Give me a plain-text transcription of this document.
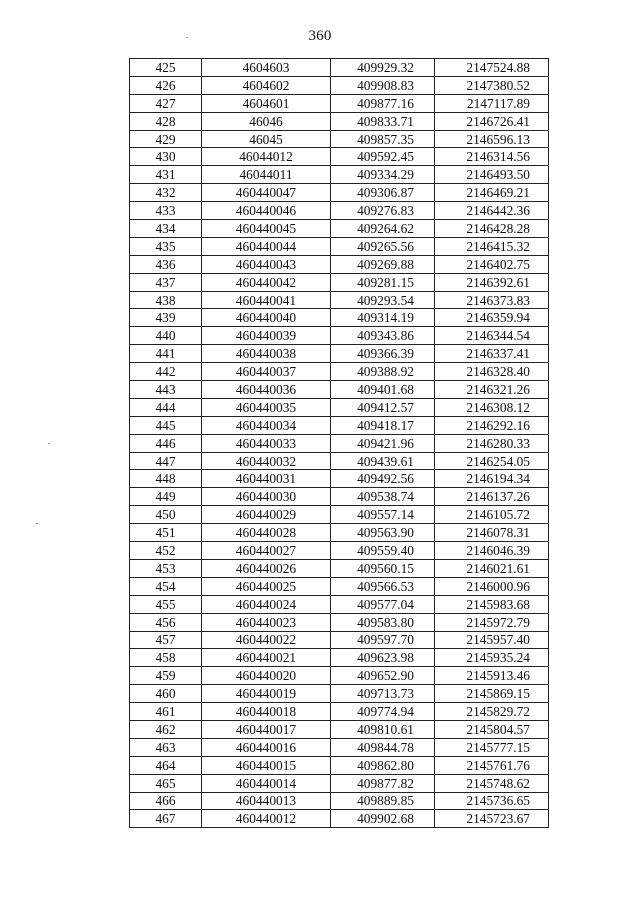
360
425	4604603	409929.32	2147524.88
426	4604602	409908.83	2147380.52
427	4604601	409877.16	2147117.89
428	46046	409833.71	2146726.41
429	46045	409857.35	2146596.13
430	46044012	409592.45	2146314.56
431	46044011	409334.29	2146493.50
432	460440047	409306.87	2146469.21
433	460440046	409276.83	2146442.36
434	460440045	409264.62	2146428.28
435	460440044	409265.56	2146415.32
436	460440043	409269.88	2146402.75
437	460440042	409281.15	2146392.61
438	460440041	409293.54	2146373.83
439	460440040	409314.19	2146359.94
440	460440039	409343.86	2146344.54
441	460440038	409366.39	2146337.41
442	460440037	409388.92	2146328.40
443	460440036	409401.68	2146321.26
444	460440035	409412.57	2146308.12
445	460440034	409418.17	2146292.16
446	460440033	409421.96	2146280.33
447	460440032	409439.61	2146254.05
448	460440031	409492.56	2146194.34
449	460440030	409538.74	2146137.26
450	460440029	409557.14	2146105.72
451	460440028	409563.90	2146078.31
452	460440027	409559.40	2146046.39
453	460440026	409560.15	2146021.61
454	460440025	409566.53	2146000.96
455	460440024	409577.04	2145983.68
456	460440023	409583.80	2145972.79
457	460440022	409597.70	2145957.40
458	460440021	409623.98	2145935.24
459	460440020	409652.90	2145913.46
460	460440019	409713.73	2145869.15
461	460440018	409774.94	2145829.72
462	460440017	409810.61	2145804.57
463	460440016	409844.78	2145777.15
464	460440015	409862.80	2145761.76
465	460440014	409877.82	2145748.62
466	460440013	409889.85	2145736.65
467	460440012	409902.68	2145723.67
